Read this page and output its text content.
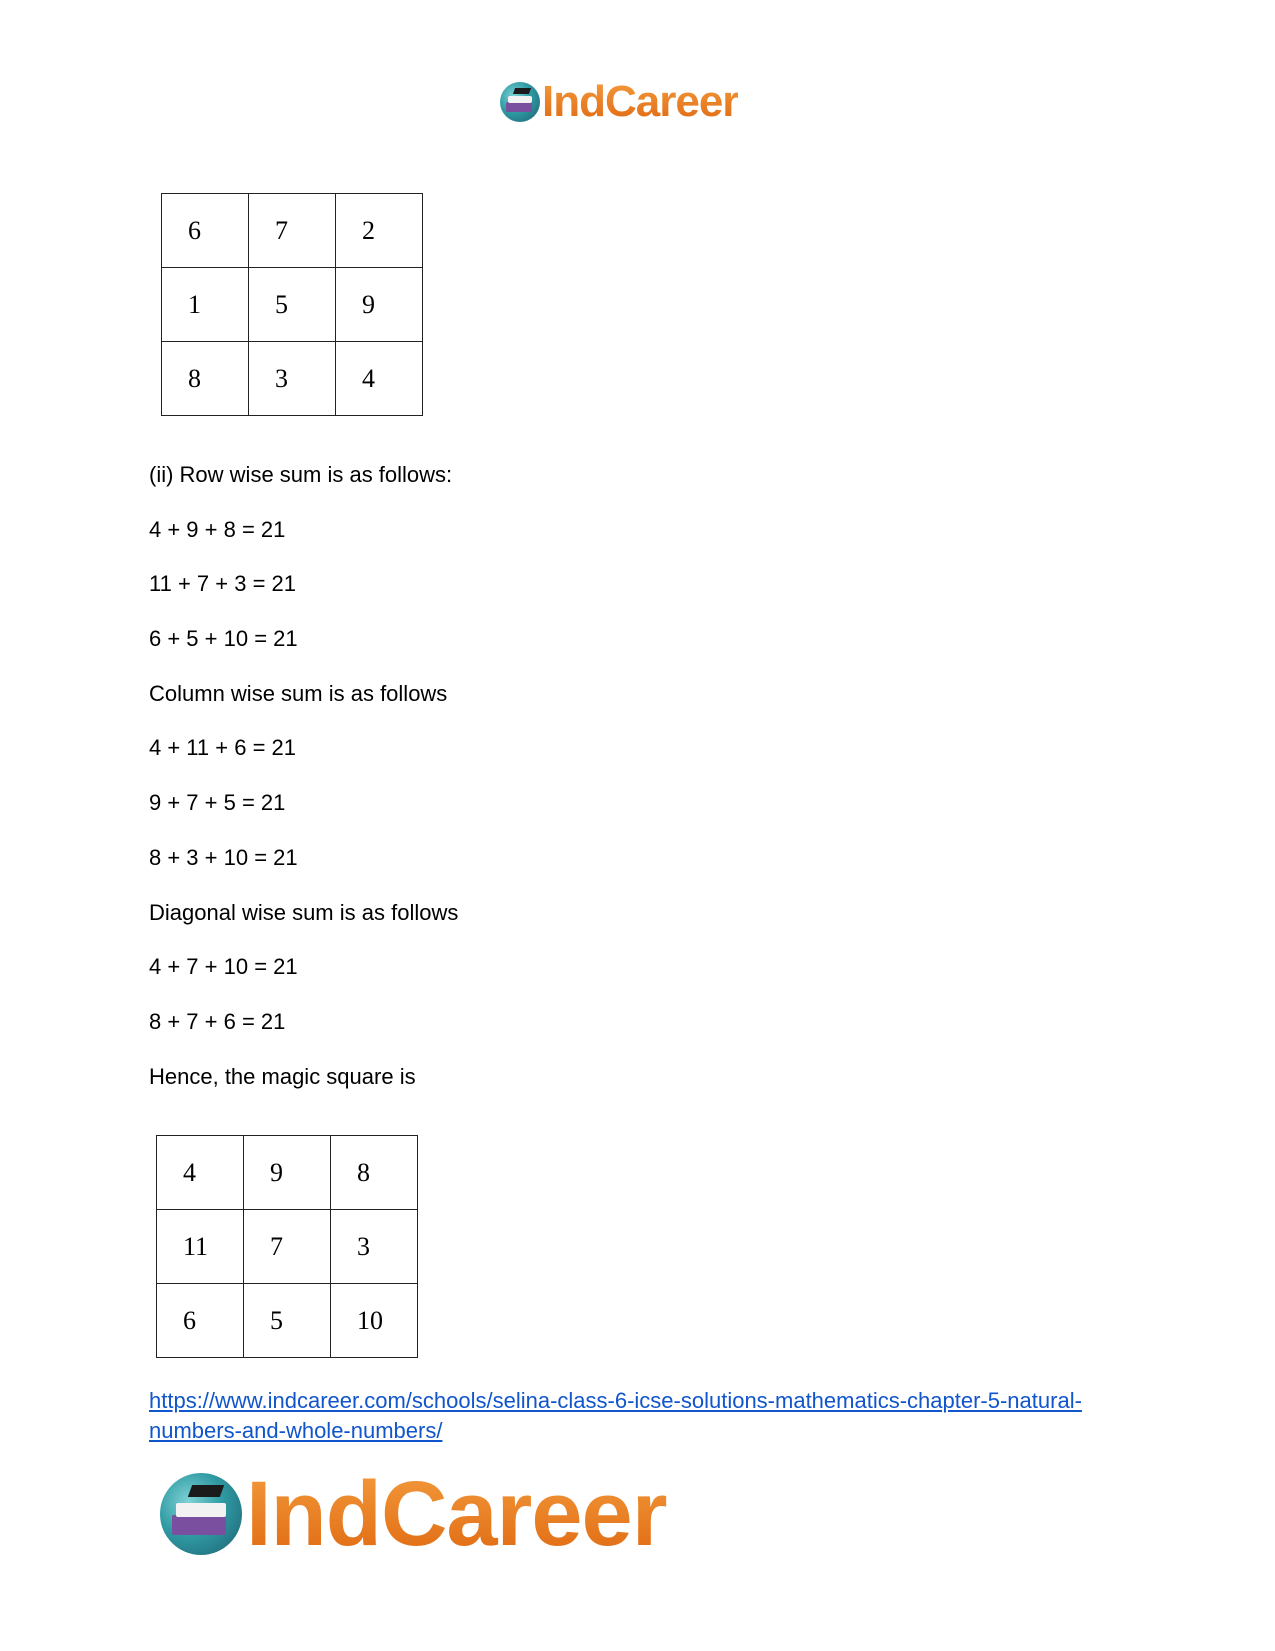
IndCareer
6	7	2
1	5	9
8	3	4
(ii) Row wise sum is as follows:
4 + 9 + 8 = 21
11 + 7 + 3 = 21
6 + 5 + 10 = 21
Column wise sum is as follows
4 + 11 + 6 = 21
9 + 7 + 5 = 21
8 + 3 + 10 = 21
Diagonal wise sum is as follows
4 + 7 + 10 = 21
8 + 7 + 6 = 21
Hence, the magic square is
4	9	8
11	7	3
6	5	10
https://www.indcareer.com/schools/selina-class-6-icse-solutions-mathematics-chapter-5-natural-numbers-and-whole-numbers/
IndCareer
